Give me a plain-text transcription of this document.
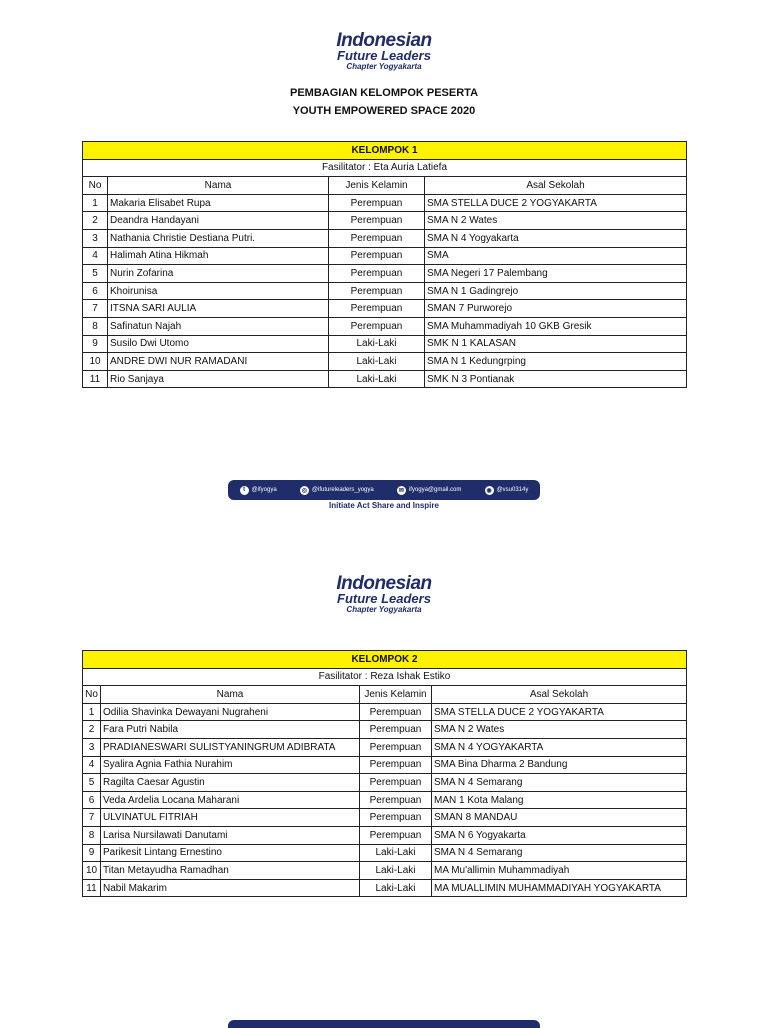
Indonesian
Future Leaders
Chapter Yogyakarta
PEMBAGIAN KELOMPOK PESERTA
YOUTH EMPOWERED SPACE 2020
KELOMPOK 1			
Fasilitator : Eta Auria Latiefa			
No	Nama	Jenis Kelamin	Asal Sekolah
1	Makaria Elisabet Rupa	Perempuan	SMA STELLA DUCE 2 YOGYAKARTA
2	Deandra Handayani	Perempuan	SMA N 2 Wates
3	Nathania Christie Destiana Putri.	Perempuan	SMA N 4 Yogyakarta
4	Halimah Atina Hikmah	Perempuan	SMA
5	Nurin Zofarina	Perempuan	SMA Negeri 17 Palembang
6	Khoirunisa	Perempuan	SMA N 1 Gadingrejo
7	ITSNA SARI AULIA	Perempuan	SMAN 7 Purworejo
8	Safinatun Najah	Perempuan	SMA Muhammadiyah 10 GKB Gresik
9	Susilo Dwi Utomo	Laki-Laki	SMK N 1 KALASAN
10	ANDRE DWI NUR RAMADANI	Laki-Laki	SMA N 1 Kedungrping
11	Rio Sanjaya	Laki-Laki	SMK N 3 Pontianak
t	@ifyogya	◎ @ifutureleaders_yogya	✉ ifyogya@gmail.com	◉ @vsu0314y
Initiate Act Share and Inspire
Indonesian
Future Leaders
Chapter Yogyakarta
KELOMPOK 2			
Fasilitator : Reza Ishak Estiko			
No	Nama	Jenis Kelamin	Asal Sekolah
1	Odilia Shavinka Dewayani Nugraheni	Perempuan	SMA STELLA DUCE 2 YOGYAKARTA
2	Fara Putri Nabila	Perempuan	SMA N 2 Wates
3	PRADIANESWARI SULISTYANINGRUM ADIBRATA	Perempuan	SMA N 4 YOGYAKARTA
4	Syalira Agnia Fathia Nurahim	Perempuan	SMA Bina Dharma 2 Bandung
5	Ragilta Caesar Agustin	Perempuan	SMA N 4 Semarang
6	Veda Ardelia Locana Maharani	Perempuan	MAN 1 Kota Malang
7	ULVINATUL FITRIAH	Perempuan	SMAN 8 MANDAU
8	Larisa Nursilawati Danutami	Perempuan	SMA N 6 Yogyakarta
9	Parikesit Lintang Ernestino	Laki-Laki	SMA N 4 Semarang
10	Titan Metayudha Ramadhan	Laki-Laki	MA Mu'allimin Muhammadiyah
11	Nabil Makarim	Laki-Laki	MA MUALLIMIN MUHAMMADIYAH YOGYAKARTA
